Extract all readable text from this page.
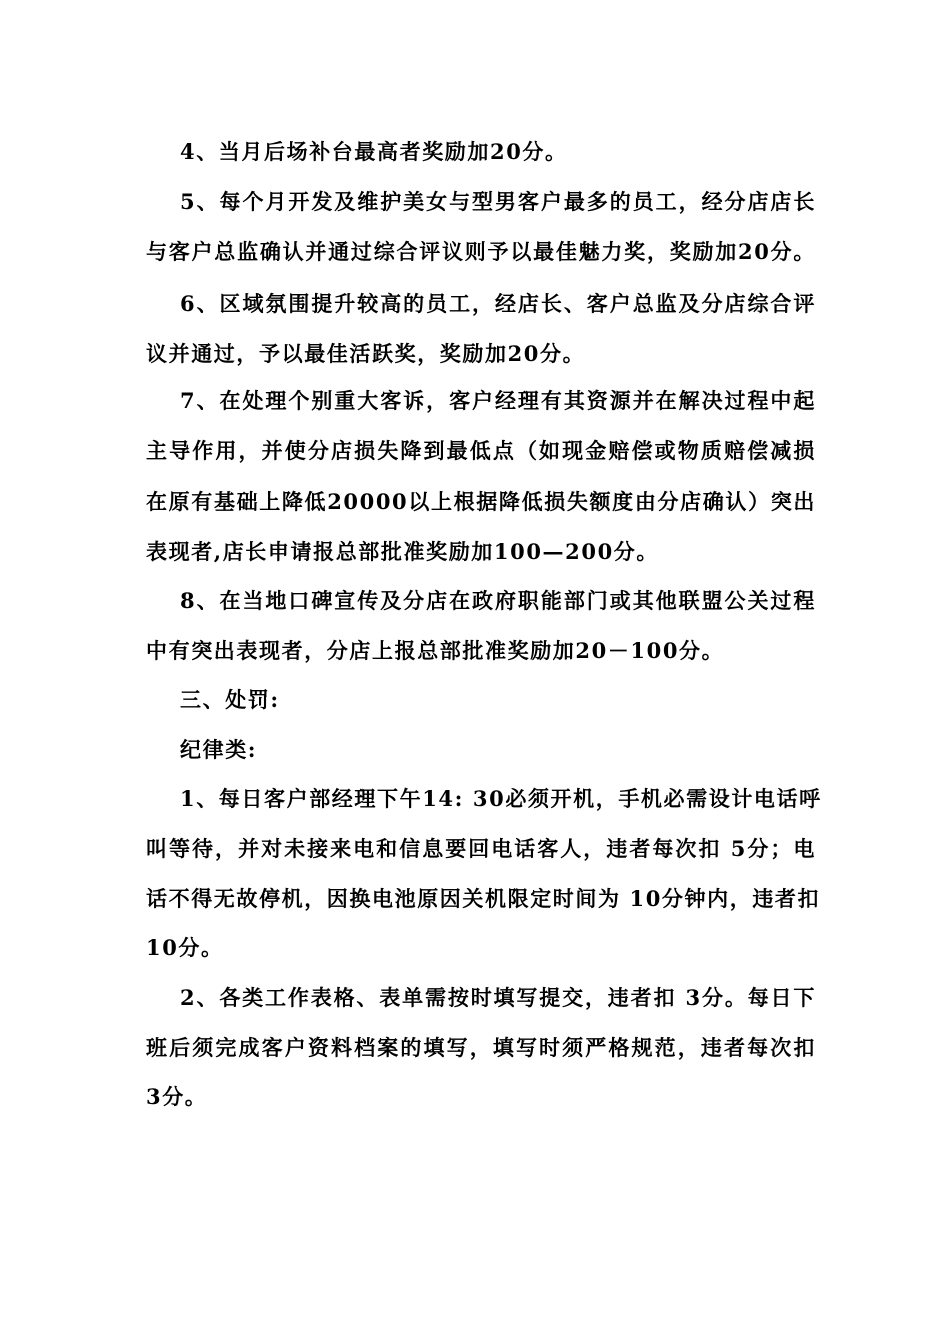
4、当月后场补台最高者奖励加20分。
5、每个月开发及维护美女与型男客户最多的员工，经分店店长
与客户总监确认并通过综合评议则予以最佳魅力奖，奖励加20分。
6、区域氛围提升较高的员工，经店长、客户总监及分店综合评
议并通过，予以最佳活跃奖，奖励加20分。
7、在处理个别重大客诉，客户经理有其资源并在解决过程中起
主导作用，并使分店损失降到最低点（如现金赔偿或物质赔偿减损
在原有基础上降低20000以上根据降低损失额度由分店确认）突出
表现者,店长申请报总部批准奖励加100—200分。
8、在当地口碑宣传及分店在政府职能部门或其他联盟公关过程
中有突出表现者，分店上报总部批准奖励加20－100分。
三、处罚:
纪律类:
1、每日客户部经理下午14: 30必须开机，手机必需设计电话呼
叫等待，并对未接来电和信息要回电话客人，违者每次扣 5分；电
话不得无故停机，因换电池原因关机限定时间为 10分钟内，违者扣
10分。
2、各类工作表格、表单需按时填写提交，违者扣 3分。每日下
班后须完成客户资料档案的填写，填写时须严格规范，违者每次扣
3分。
